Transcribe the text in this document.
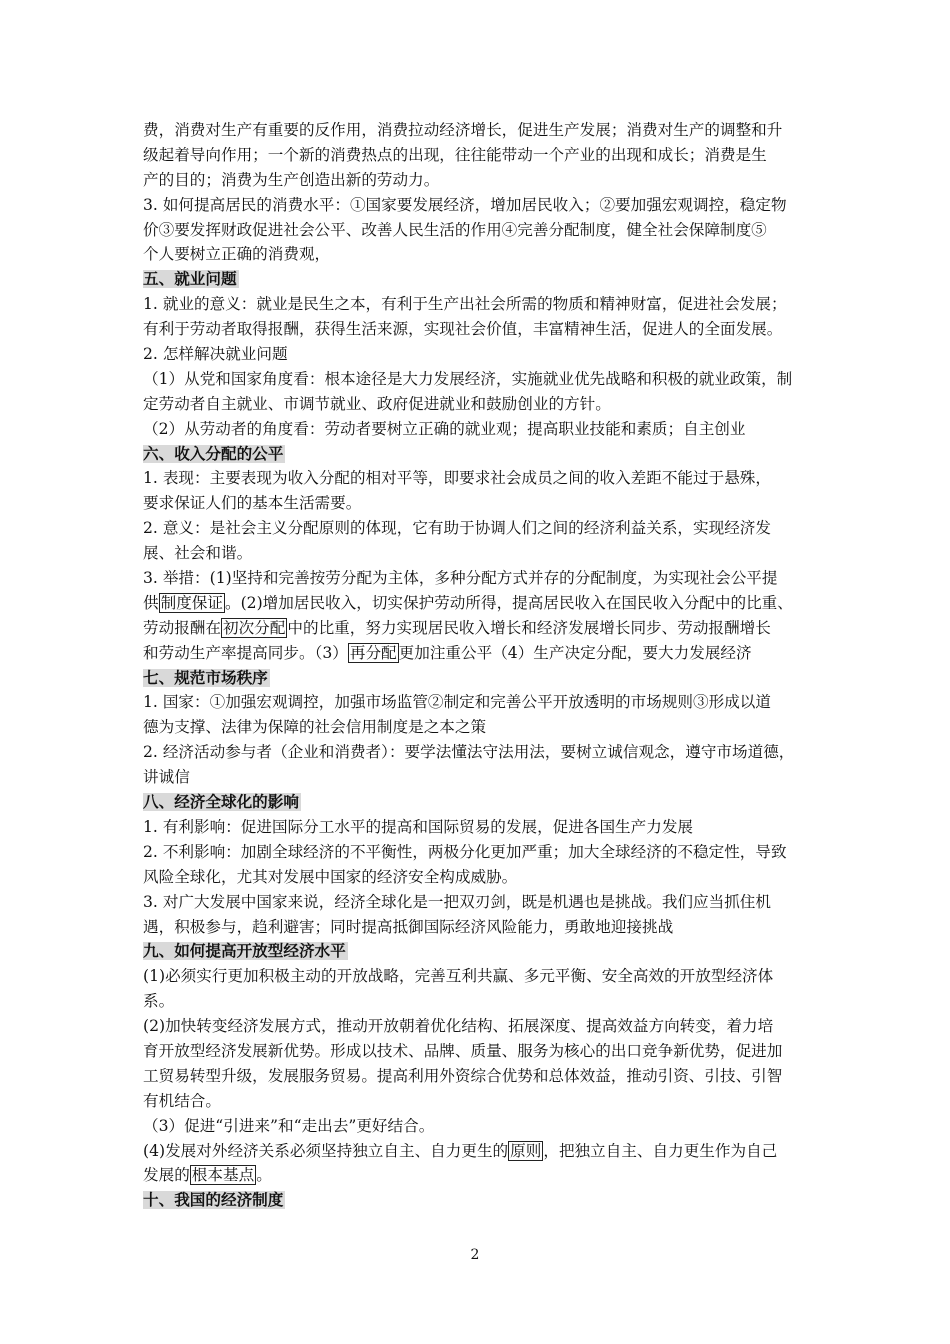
费，消费对生产有重要的反作用，消费拉动经济增长，促进生产发展；消费对生产的调整和升
级起着导向作用；一个新的消费热点的出现，往往能带动一个产业的出现和成长；消费是生
产的目的；消费为生产创造出新的劳动力。
3. 如何提高居民的消费水平：①国家要发展经济，增加居民收入；②要加强宏观调控，稳定物
价③要发挥财政促进社会公平、改善人民生活的作用④完善分配制度，健全社会保障制度⑤
个人要树立正确的消费观，
五、就业问题
1. 就业的意义：就业是民生之本，有利于生产出社会所需的物质和精神财富，促进社会发展；
有利于劳动者取得报酬，获得生活来源，实现社会价值，丰富精神生活，促进人的全面发展。
2. 怎样解决就业问题
（1）从党和国家角度看：根本途径是大力发展经济，实施就业优先战略和积极的就业政策，制
定劳动者自主就业、市调节就业、政府促进就业和鼓励创业的方针。
（2）从劳动者的角度看：劳动者要树立正确的就业观；提高职业技能和素质；自主创业
六、收入分配的公平
1. 表现：主要表现为收入分配的相对平等，即要求社会成员之间的收入差距不能过于悬殊，
要求保证人们的基本生活需要。
2. 意义：是社会主义分配原则的体现，它有助于协调人们之间的经济利益关系，实现经济发
展、社会和谐。
3. 举措：(1)坚持和完善按劳分配为主体，多种分配方式并存的分配制度，为实现社会公平提
供 制度保证 。(2)增加居民收入，切实保护劳动所得，提高居民收入在国民收入分配中的比重、
劳动报酬在 初次分配 中的比重，努力实现居民收入增长和经济发展增长同步、劳动报酬增长
和劳动生产率提高同步。（3） 再分配 更加注重公平（4）生产决定分配，要大力发展经济
七、规范市场秩序
1. 国家：①加强宏观调控，加强市场监管②制定和完善公平开放透明的市场规则③形成以道
德为支撑、法律为保障的社会信用制度是之本之策
2. 经济活动参与者（企业和消费者）：要学法懂法守法用法，要树立诚信观念，遵守市场道德，
讲诚信
八、经济全球化的影响
1. 有利影响：促进国际分工水平的提高和国际贸易的发展，促进各国生产力发展
2. 不利影响：加剧全球经济的不平衡性，两极分化更加严重；加大全球经济的不稳定性，导致
风险全球化，尤其对发展中国家的经济安全构成威胁。
3. 对广大发展中国家来说，经济全球化是一把双刃剑，既是机遇也是挑战。我们应当抓住机
遇，积极参与，趋利避害；同时提高抵御国际经济风险能力，勇敢地迎接挑战
九、如何提高开放型经济水平
(1)必须实行更加积极主动的开放战略，完善互利共赢、多元平衡、安全高效的开放型经济体
系。
(2)加快转变经济发展方式，推动开放朝着优化结构、拓展深度、提高效益方向转变，着力培
育开放型经济发展新优势。形成以技术、品牌、质量、服务为核心的出口竞争新优势，促进加
工贸易转型升级，发展服务贸易。提高利用外资综合优势和总体效益，推动引资、引技、引智
有机结合。
（3）促进“引进来”和“走出去”更好结合。
(4)发展对外经济关系必须坚持独立自主、自力更生的 原则 ，把独立自主、自力更生作为自己
发展的 根本基点 。
十、我国的经济制度
2
